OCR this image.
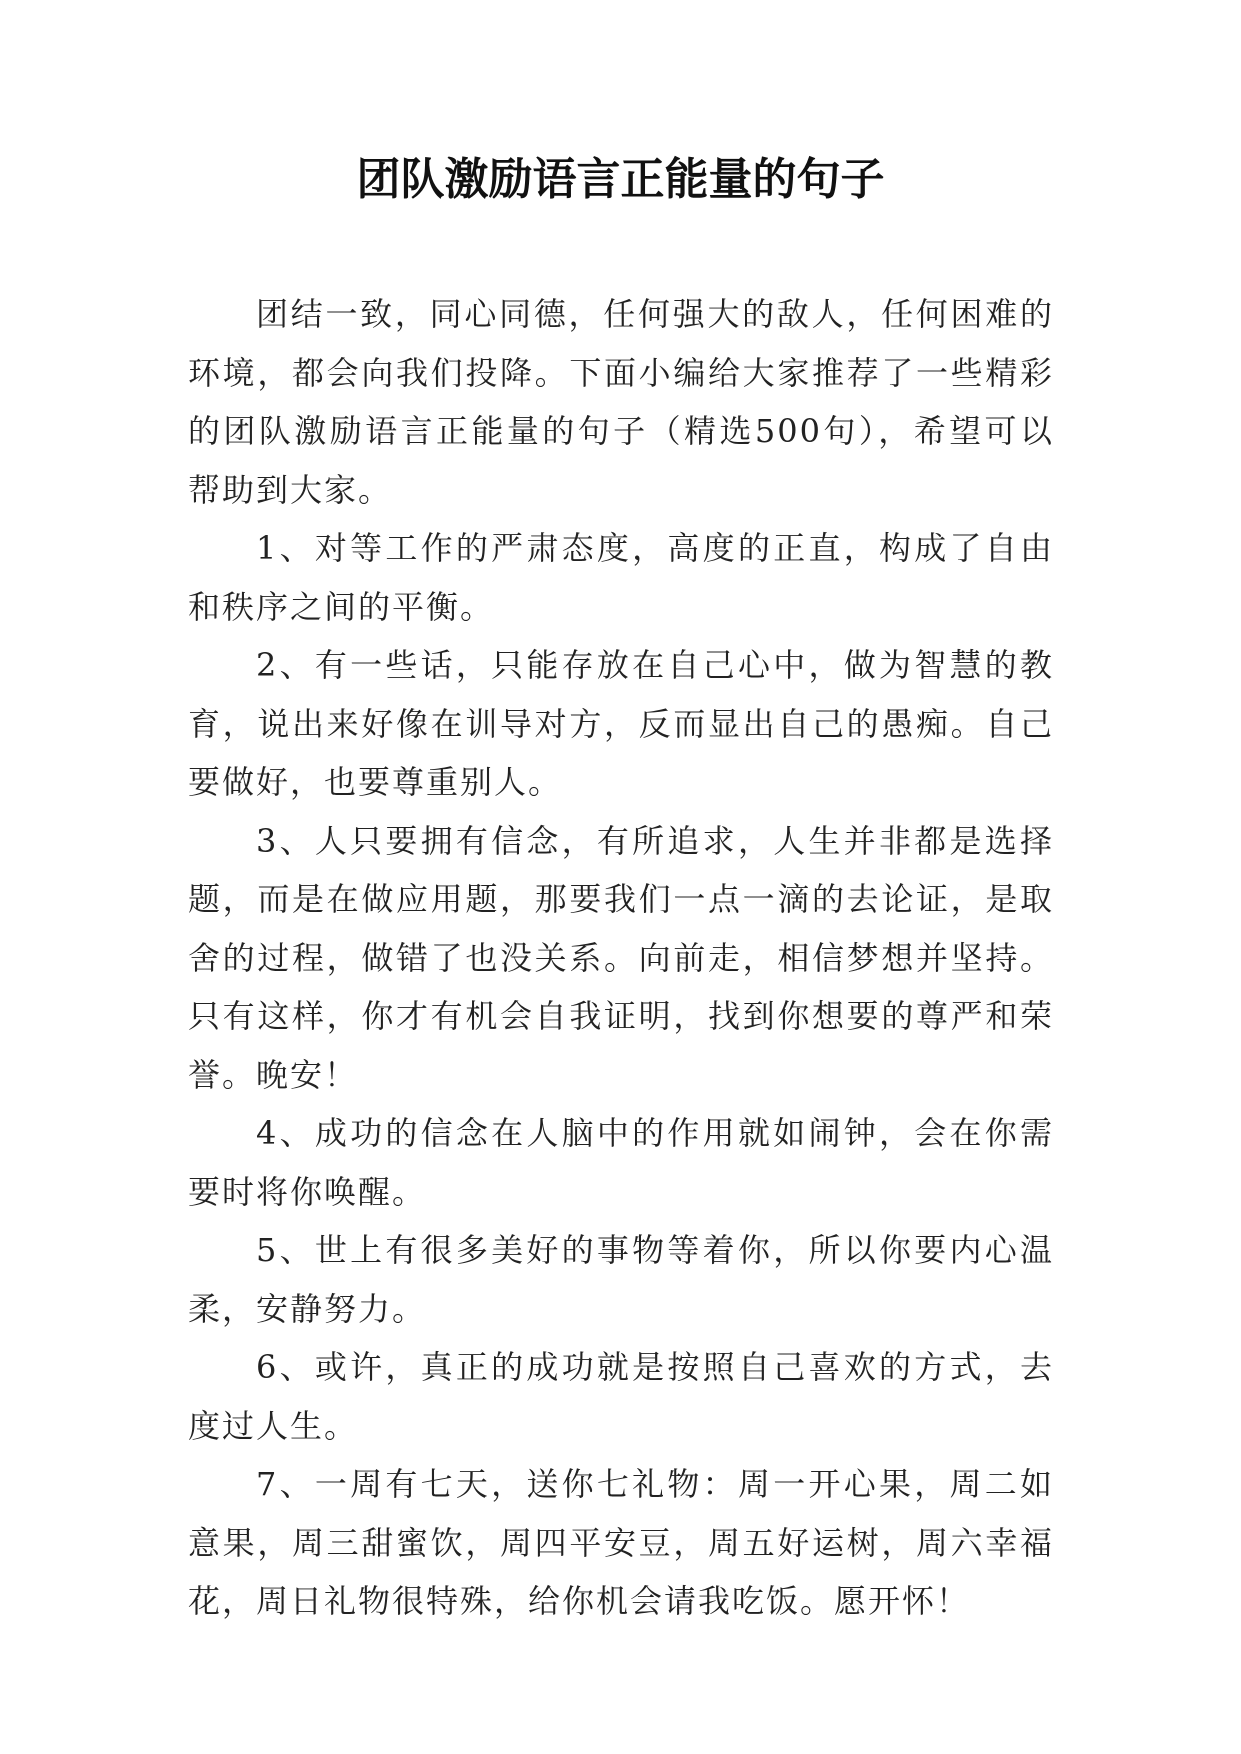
团队激励语言正能量的句子

团结一致，同心同德，任何强大的敌人，任何困难的环境，都会向我们投降。下面小编给大家推荐了一些精彩的团队激励语言正能量的句子（精选500句），希望可以帮助到大家。

1、对等工作的严肃态度，高度的正直，构成了自由和秩序之间的平衡。

2、有一些话，只能存放在自己心中，做为智慧的教育，说出来好像在训导对方，反而显出自己的愚痴。自己要做好，也要尊重别人。

3、人只要拥有信念，有所追求，人生并非都是选择题，而是在做应用题，那要我们一点一滴的去论证，是取舍的过程，做错了也没关系。向前走，相信梦想并坚持。只有这样，你才有机会自我证明，找到你想要的尊严和荣誉。晚安！

4、成功的信念在人脑中的作用就如闹钟，会在你需要时将你唤醒。

5、世上有很多美好的事物等着你，所以你要内心温柔，安静努力。

6、或许，真正的成功就是按照自己喜欢的方式，去度过人生。

7、一周有七天，送你七礼物：周一开心果，周二如意果，周三甜蜜饮，周四平安豆，周五好运树，周六幸福花，周日礼物很特殊，给你机会请我吃饭。愿开怀！
